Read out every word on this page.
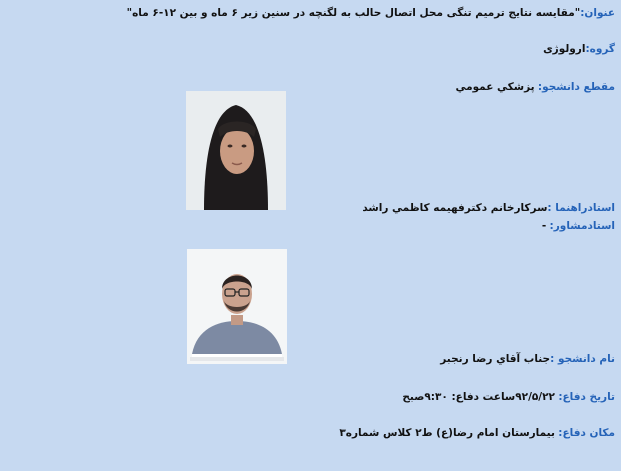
عنوان:"مقایسه نتایج ترمیم تنگی محل اتصال حالب به لگنچه در سنین زیر ۶ ماه و بین ۱۲-۶ ماه"
گروه:ارولوژی
مقطع دانشجو: پزشکي عمومي
استادراهنما :سرکارخانم دکترفهیمه کاظمي راشد
استادمشاور: -
نام دانشجو :جناب آقاي رضا رنجبر
تاریخ دفاع: ۹۲/۵/۲۲ساعت دفاع: ۹:۳۰صبح
مکان دفاع: بیمارستان امام رضا(ع) ط۲ کلاس شماره۳
